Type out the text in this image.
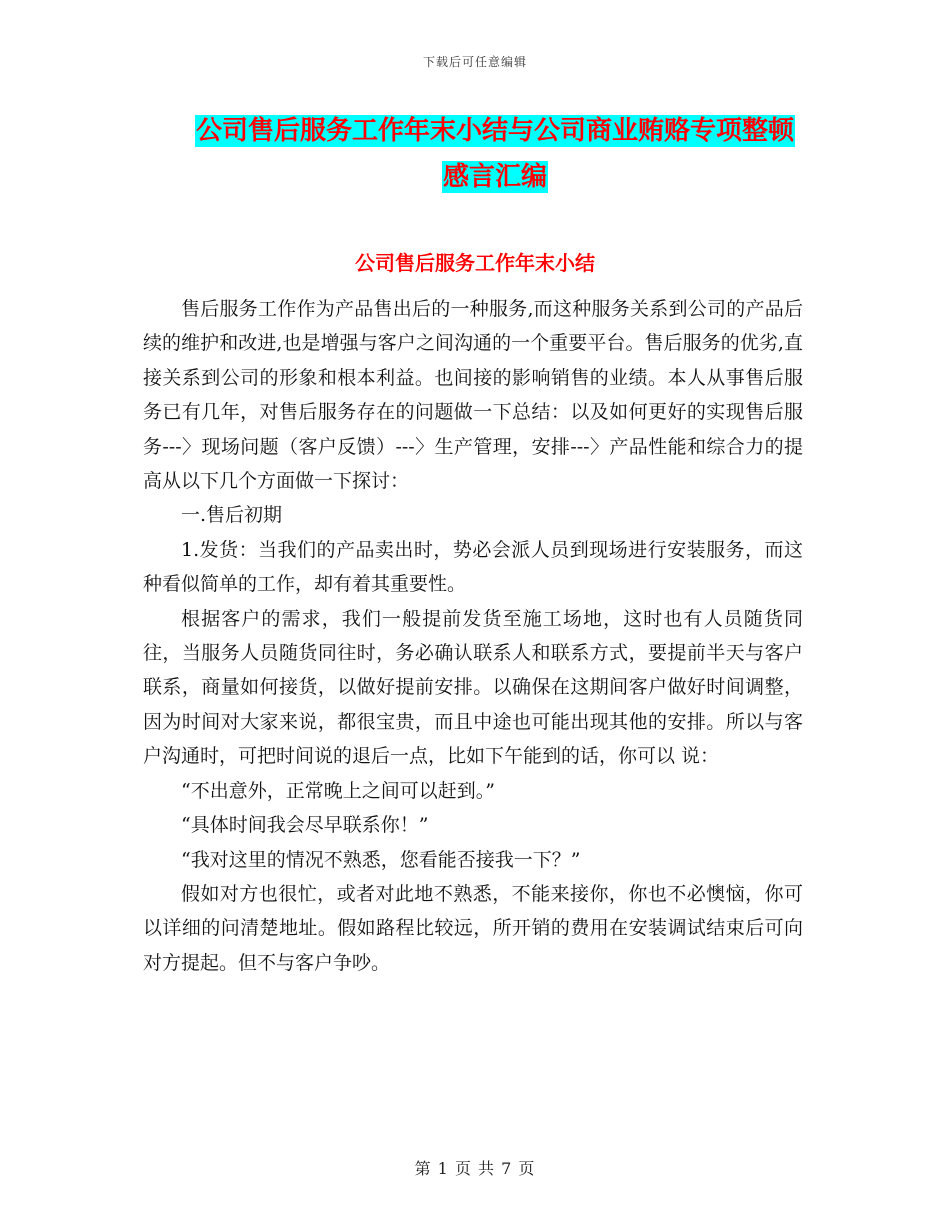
下载后可任意编辑
公司售后服务工作年末小结与公司商业贿赂专项整顿
感言汇编
公司售后服务工作年末小结

售后服务工作作为产品售出后的一种服务,而这种服务关系到公司的产品后续的维护和改进,也是增强与客户之间沟通的一个重要平台。售后服务的优劣,直接关系到公司的形象和根本利益。也间接的影响销售的业绩。本人从事售后服务已有几年，对售后服务存在的问题做一下总结：以及如何更好的实现售后服务---〉现场问题（客户反馈）---〉生产管理，安排---〉产品性能和综合力的提高从以下几个方面做一下探讨：

一.售后初期

1.发货：当我们的产品卖出时，势必会派人员到现场进行安装服务，而这种看似简单的工作，却有着其重要性。

根据客户的需求，我们一般提前发货至施工场地，这时也有人员随货同往，当服务人员随货同往时，务必确认联系人和联系方式，要提前半天与客户联系，商量如何接货，以做好提前安排。以确保在这期间客户做好时间调整，因为时间对大家来说，都很宝贵，而且中途也可能出现其他的安排。所以与客户沟通时，可把时间说的退后一点，比如下午能到的话，你可以 说：

“不出意外，正常晚上之间可以赶到。”

“具体时间我会尽早联系你！”

“我对这里的情况不熟悉，您看能否接我一下？”

假如对方也很忙，或者对此地不熟悉，不能来接你，你也不必懊恼，你可以详细的问清楚地址。假如路程比较远，所开销的费用在安装调试结束后可向对方提起。但不与客户争吵。

第 1 页 共 7 页
